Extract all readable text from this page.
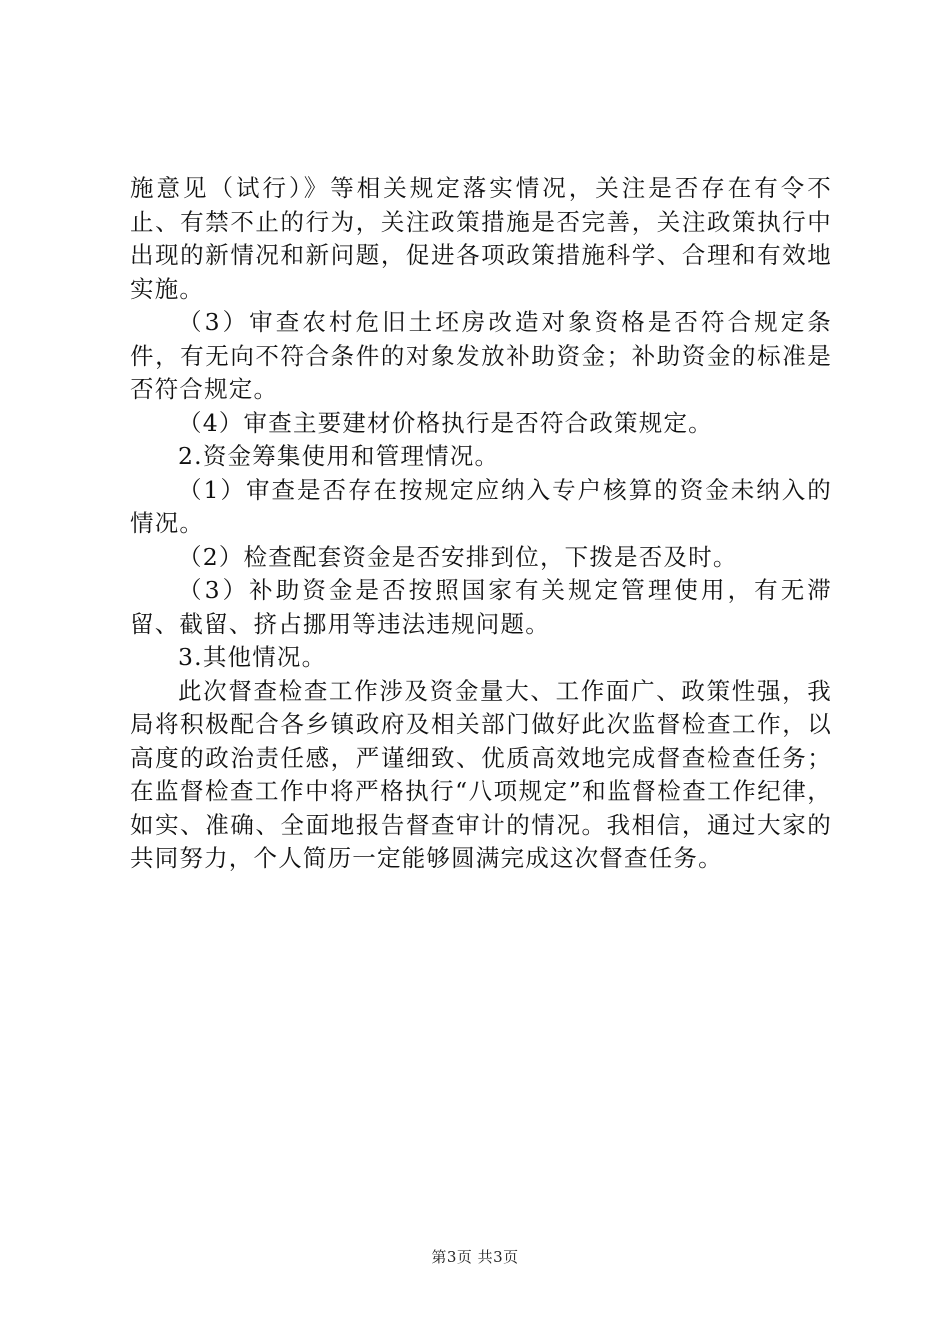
施意见（试行）》等相关规定落实情况，关注是否存在有令不止、有禁不止的行为，关注政策措施是否完善，关注政策执行中出现的新情况和新问题，促进各项政策措施科学、合理和有效地实施。

（3）审查农村危旧土坯房改造对象资格是否符合规定条件，有无向不符合条件的对象发放补助资金；补助资金的标准是否符合规定。

（4）审查主要建材价格执行是否符合政策规定。

2.资金筹集使用和管理情况。

（1）审查是否存在按规定应纳入专户核算的资金未纳入的情况。

（2）检查配套资金是否安排到位，下拨是否及时。

（3）补助资金是否按照国家有关规定管理使用，有无滞留、截留、挤占挪用等违法违规问题。

3.其他情况。

此次督查检查工作涉及资金量大、工作面广、政策性强，我局将积极配合各乡镇政府及相关部门做好此次监督检查工作，以高度的政治责任感，严谨细致、优质高效地完成督查检查任务；在监督检查工作中将严格执行“八项规定”和监督检查工作纪律，如实、准确、全面地报告督查审计的情况。我相信，通过大家的共同努力，个人简历一定能够圆满完成这次督查任务。

第3页 共3页
